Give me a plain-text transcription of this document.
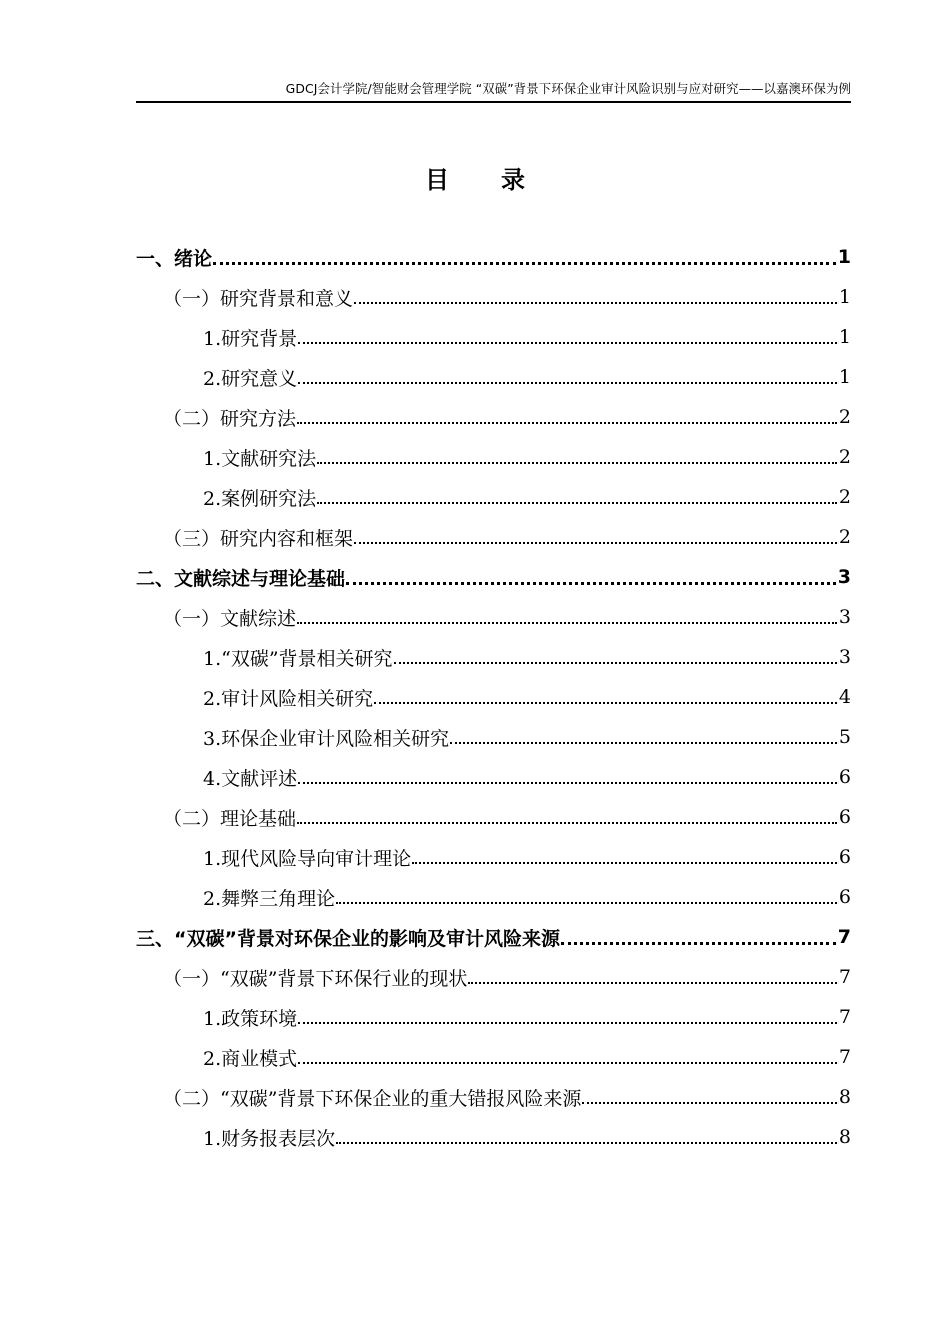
GDCJ会计学院/智能财会管理学院 “双碳”背景下环保企业审计风险识别与应对研究——以嘉澳环保为例
目录
一、绪论	1
（一）研究背景和意义	1
1.研究背景	1
2.研究意义	1
（二）研究方法	2
1.文献研究法	2
2.案例研究法	2
（三）研究内容和框架	2
二、文献综述与理论基础	3
（一）文献综述	3
1.“双碳”背景相关研究	3
2.审计风险相关研究	4
3.环保企业审计风险相关研究	5
4.文献评述	6
（二）理论基础	6
1.现代风险导向审计理论	6
2.舞弊三角理论	6
三、“双碳”背景对环保企业的影响及审计风险来源	7
（一）“双碳”背景下环保行业的现状	7
1.政策环境	7
2.商业模式	7
（二）“双碳”背景下环保企业的重大错报风险来源	8
1.财务报表层次	8
